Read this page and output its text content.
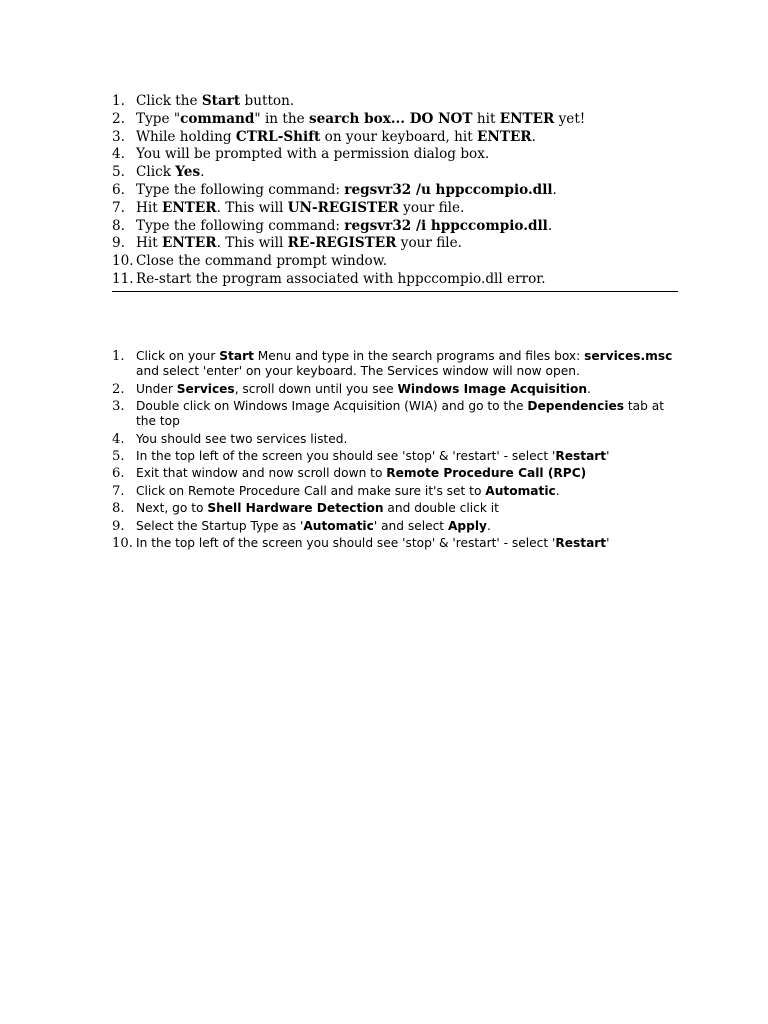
1. Click the Start button.
2. Type "command" in the search box... DO NOT hit ENTER yet!
3. While holding CTRL-Shift on your keyboard, hit ENTER.
4. You will be prompted with a permission dialog box.
5. Click Yes.
6. Type the following command: regsvr32 /u hppccompio.dll.
7. Hit ENTER. This will UN-REGISTER your file.
8. Type the following command: regsvr32 /i hppccompio.dll.
9. Hit ENTER. This will RE-REGISTER your file.
10. Close the command prompt window.
11. Re-start the program associated with hppccompio.dll error.
1. Click on your Start Menu and type in the search programs and files box: services.msc and select 'enter' on your keyboard. The Services window will now open.
2. Under Services, scroll down until you see Windows Image Acquisition.
3. Double click on Windows Image Acquisition (WIA) and go to the Dependencies tab at the top
4. You should see two services listed.
5. In the top left of the screen you should see 'stop' & 'restart' - select 'Restart'
6. Exit that window and now scroll down to Remote Procedure Call (RPC)
7. Click on Remote Procedure Call and make sure it's set to Automatic.
8. Next, go to Shell Hardware Detection and double click it
9. Select the Startup Type as 'Automatic' and select Apply.
10. In the top left of the screen you should see 'stop' & 'restart' - select 'Restart'
